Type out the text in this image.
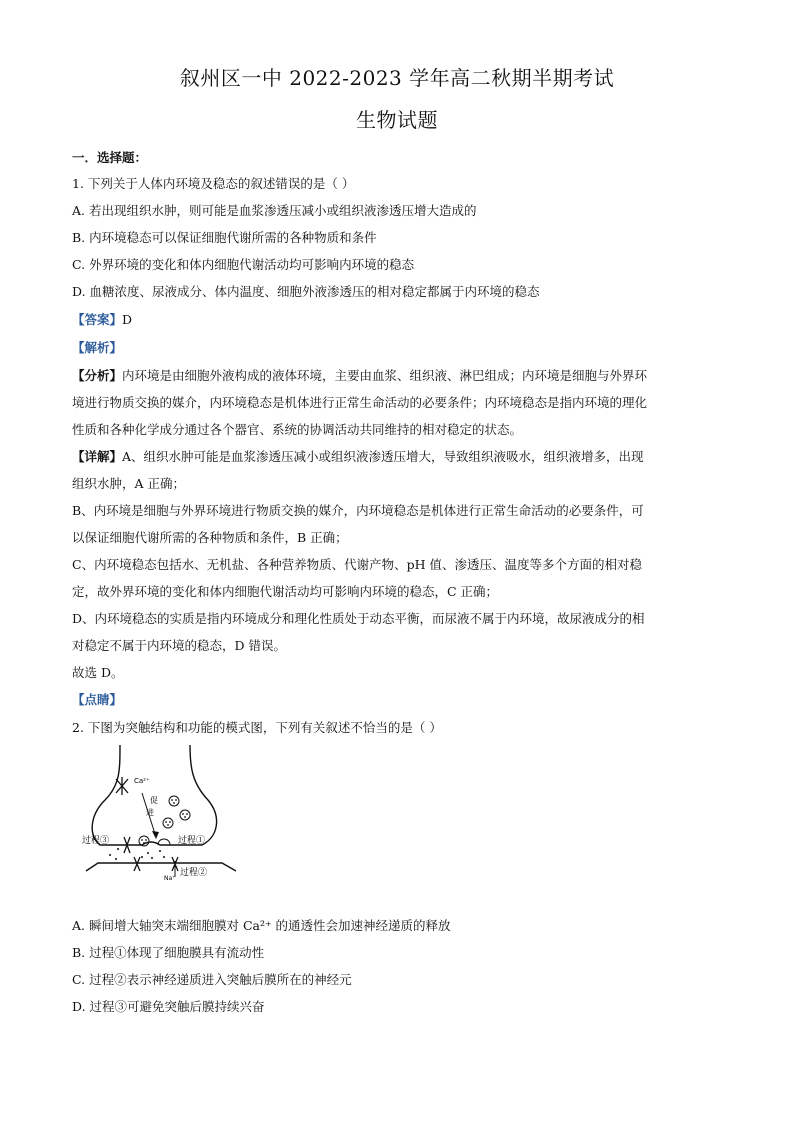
叙州区一中 2022-2023 学年高二秋期半期考试
生物试题
一．选择题：
1. 下列关于人体内环境及稳态的叙述错误的是（ ）
A. 若出现组织水肿，则可能是血浆渗透压减小或组织液渗透压增大造成的
B. 内环境稳态可以保证细胞代谢所需的各种物质和条件
C. 外界环境的变化和体内细胞代谢活动均可影响内环境的稳态
D. 血糖浓度、尿液成分、体内温度、细胞外液渗透压的相对稳定都属于内环境的稳态
【答案】D
【解析】
【分析】内环境是由细胞外液构成的液体环境，主要由血浆、组织液、淋巴组成；内环境是细胞与外界环
境进行物质交换的媒介，内环境稳态是机体进行正常生命活动的必要条件；内环境稳态是指内环境的理化
性质和各种化学成分通过各个器官、系统的协调活动共同维持的相对稳定的状态。
【详解】A、组织水肿可能是血浆渗透压减小或组织液渗透压增大，导致组织液吸水，组织液增多，出现
组织水肿，A 正确；
B、内环境是细胞与外界环境进行物质交换的媒介，内环境稳态是机体进行正常生命活动的必要条件，可
以保证细胞代谢所需的各种物质和条件，B 正确；
C、内环境稳态包括水、无机盐、各种营养物质、代谢产物、pH 值、渗透压、温度等多个方面的相对稳
定，故外界环境的变化和体内细胞代谢活动均可影响内环境的稳态，C 正确；
D、内环境稳态的实质是指内环境成分和理化性质处于动态平衡，而尿液不属于内环境，故尿液成分的相
对稳定不属于内环境的稳态，D 错误。
故选 D。
【点睛】
2. 下图为突触结构和功能的模式图，下列有关叙述不恰当的是（ ）
Ca²⁺
促
进
过程①
过程③
过程②
Na⁺
A. 瞬间增大轴突末端细胞膜对 Ca²⁺ 的通透性会加速神经递质的释放
B. 过程①体现了细胞膜具有流动性
C. 过程②表示神经递质进入突触后膜所在的神经元
D. 过程③可避免突触后膜持续兴奋
